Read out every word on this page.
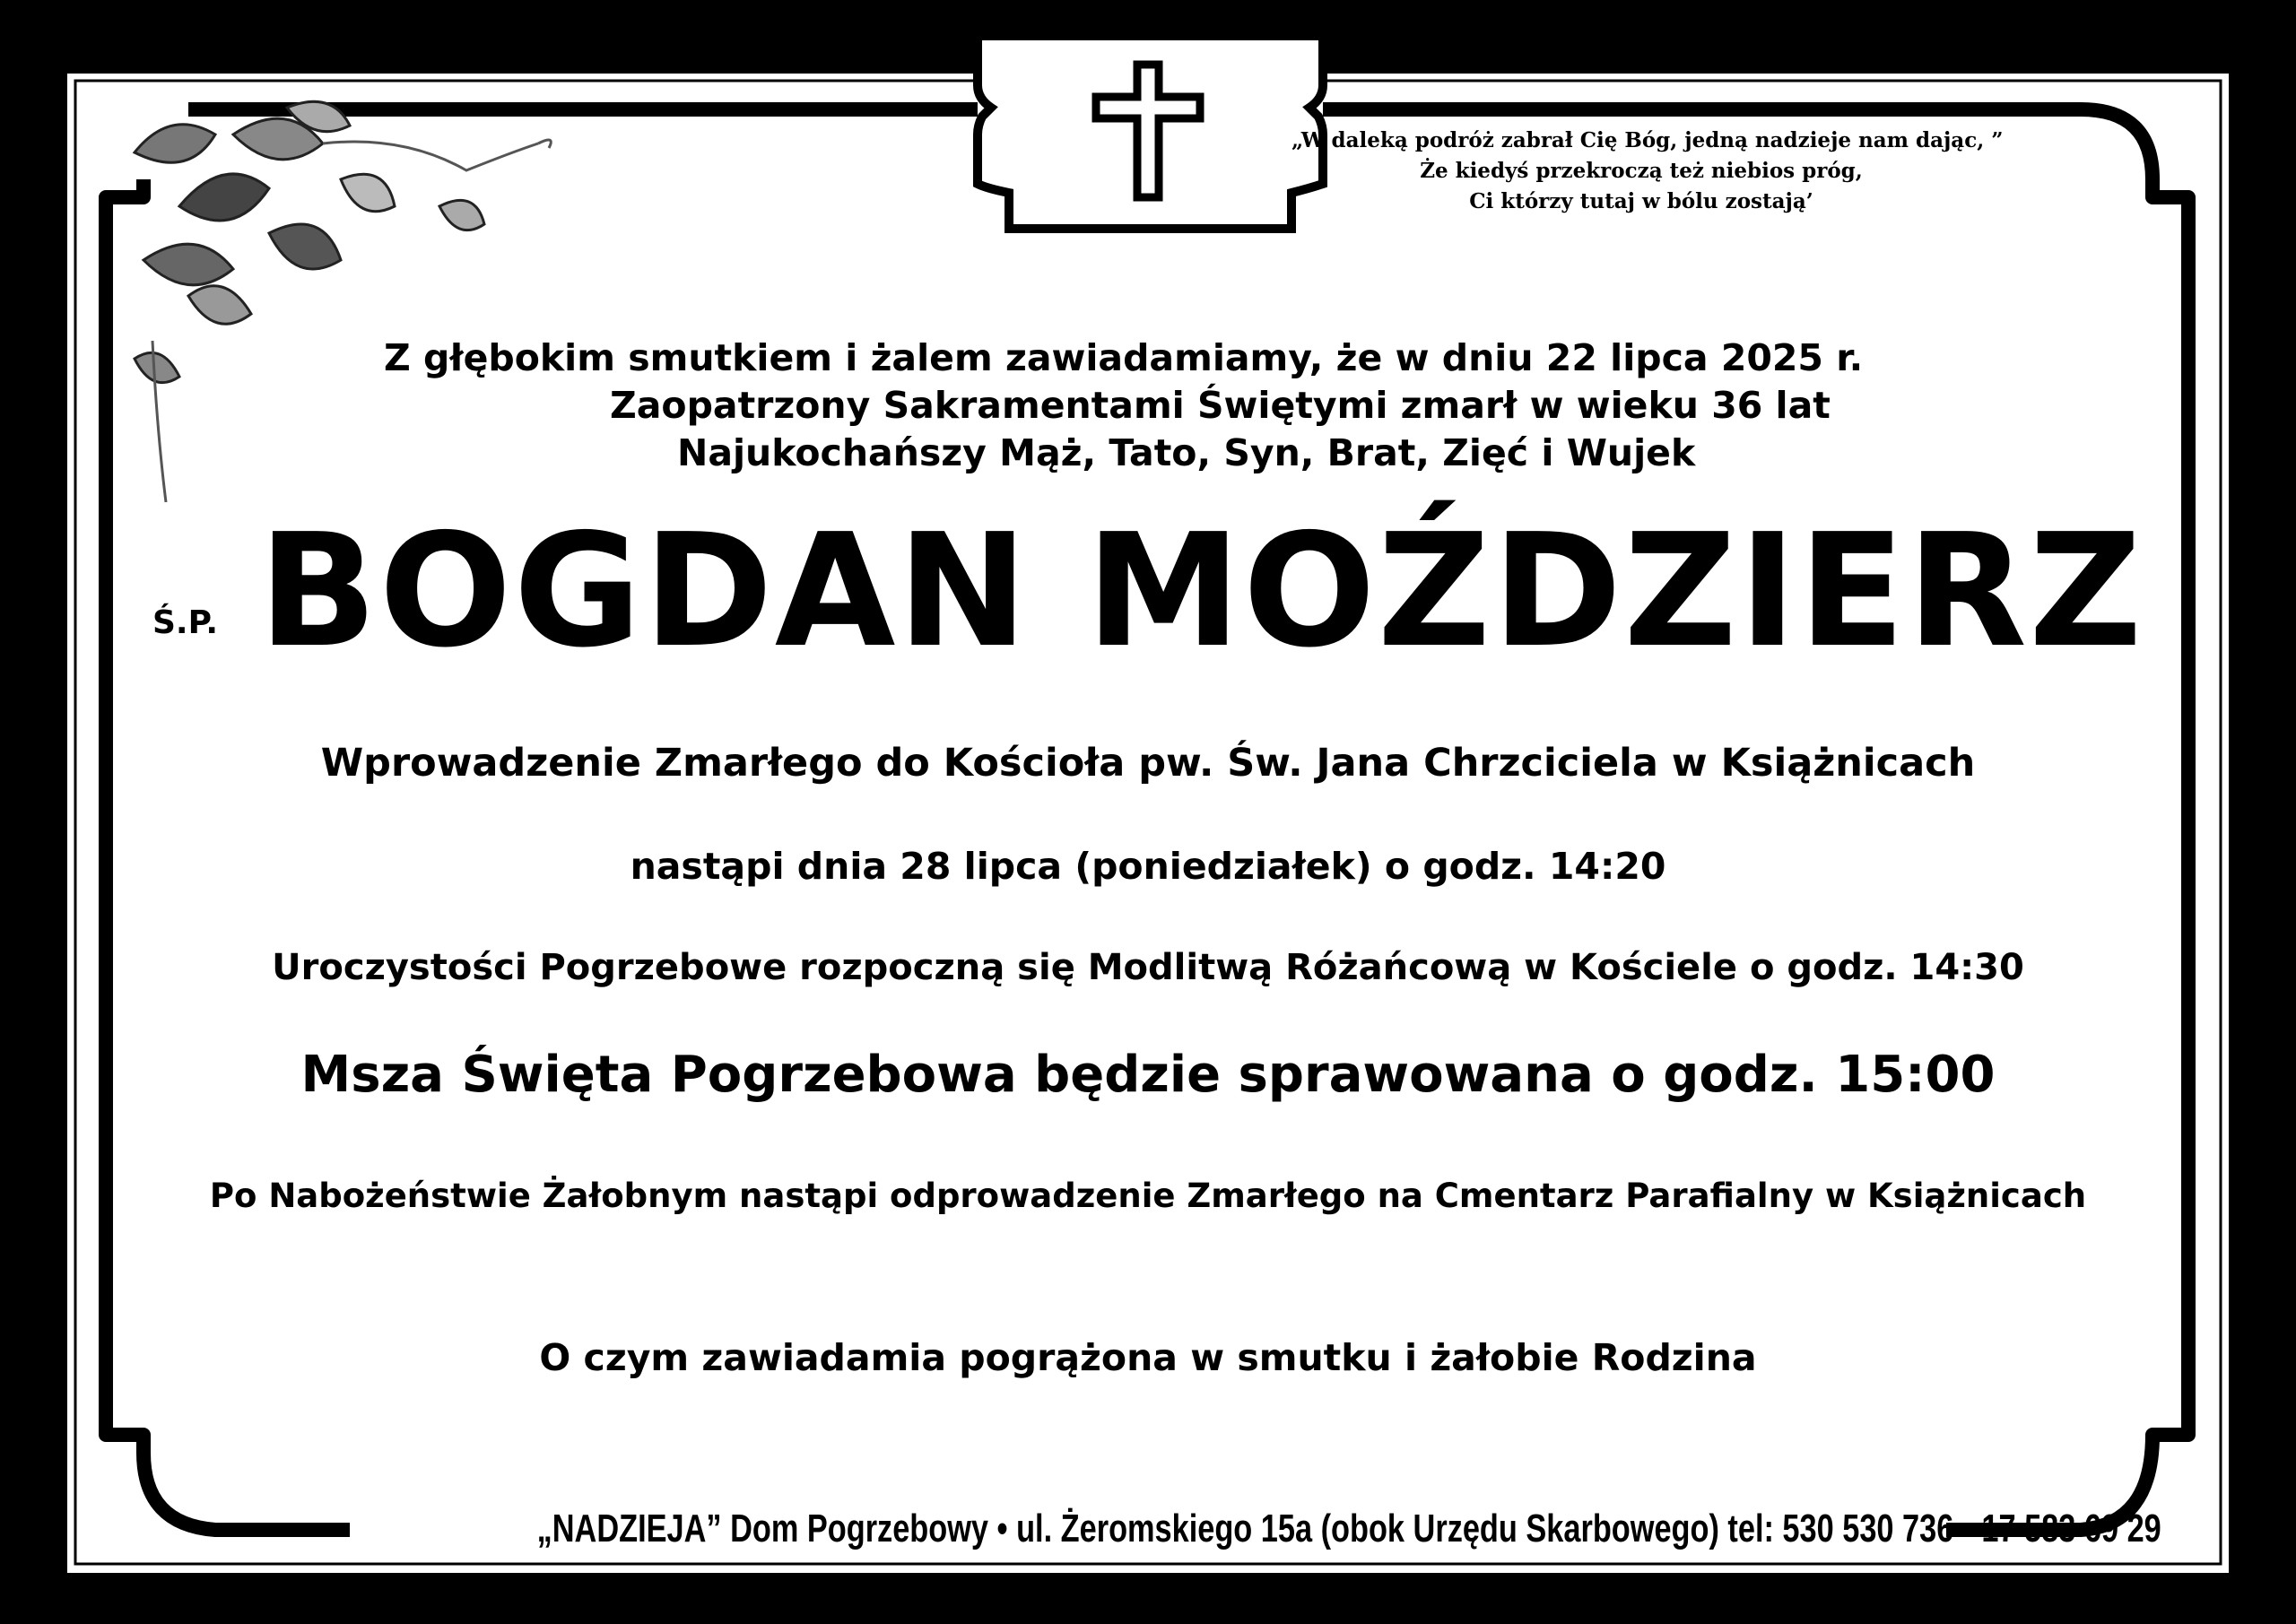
„W daleką podróż zabrał Cię Bóg, jedną nadzieje nam dając, ”
Że kiedyś przekroczą też niebios próg,
Ci którzy tutaj w bólu zostają’
Z głębokim smutkiem i żalem zawiadamiamy, że w dniu 22 lipca 2025 r.
Zaopatrzony Sakramentami Świętymi zmarł w wieku 36 lat
Najukochańszy Mąż, Tato, Syn, Brat, Zięć i Wujek
Ś.P. BOGDAN MOŹDZIERZ
Wprowadzenie Zmarłego do Kościoła pw. Św. Jana Chrzciciela w Książnicach
nastąpi dnia 28 lipca (poniedziałek) o godz. 14:20
Uroczystości Pogrzebowe rozpoczną się Modlitwą Różańcową w Kościele o godz. 14:30
Msza Święta Pogrzebowa będzie sprawowana o godz. 15:00
Po Nabożeństwie Żałobnym nastąpi odprowadzenie Zmarłego na Cmentarz Parafialny w Książnicach
O czym zawiadamia pogrążona w smutku i żałobie Rodzina
„NADZIEJA” Dom Pogrzebowy • ul. Żeromskiego 15a (obok Urzędu Skarbowego) tel: 530 530 736 • 17 583 69 29
